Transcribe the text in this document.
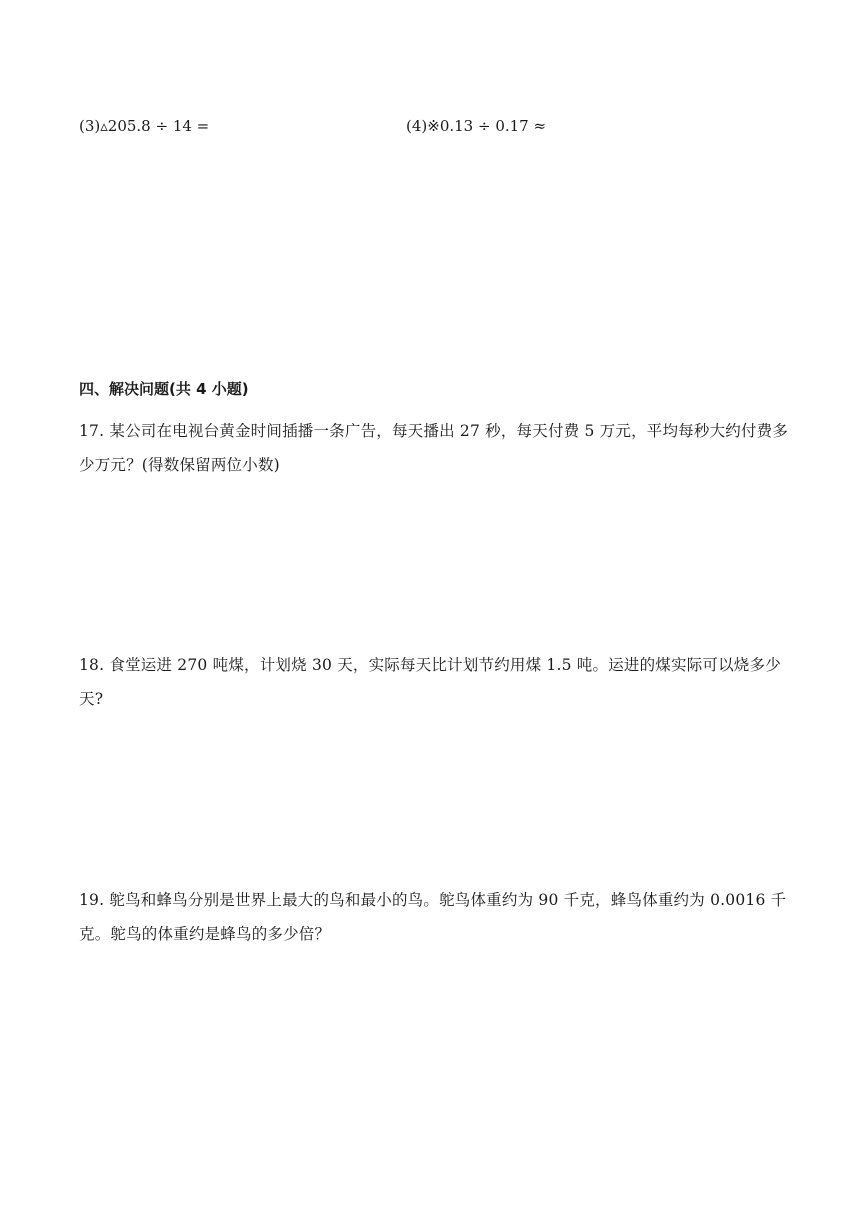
(3)▵205.8 ÷ 14 =	(4)※0.13 ÷ 0.17 ≈
四、解决问题(共 4 小题)
17. 某公司在电视台黄金时间插播一条广告，每天播出 27 秒，每天付费 5 万元，平均每秒大约付费多少万元？(得数保留两位小数)
18. 食堂运进 270 吨煤，计划烧 30 天，实际每天比计划节约用煤 1.5 吨。运进的煤实际可以烧多少天?
19. 鸵鸟和蜂鸟分别是世界上最大的鸟和最小的鸟。鸵鸟体重约为 90 千克，蜂鸟体重约为 0.0016 千克。鸵鸟的体重约是蜂鸟的多少倍？
